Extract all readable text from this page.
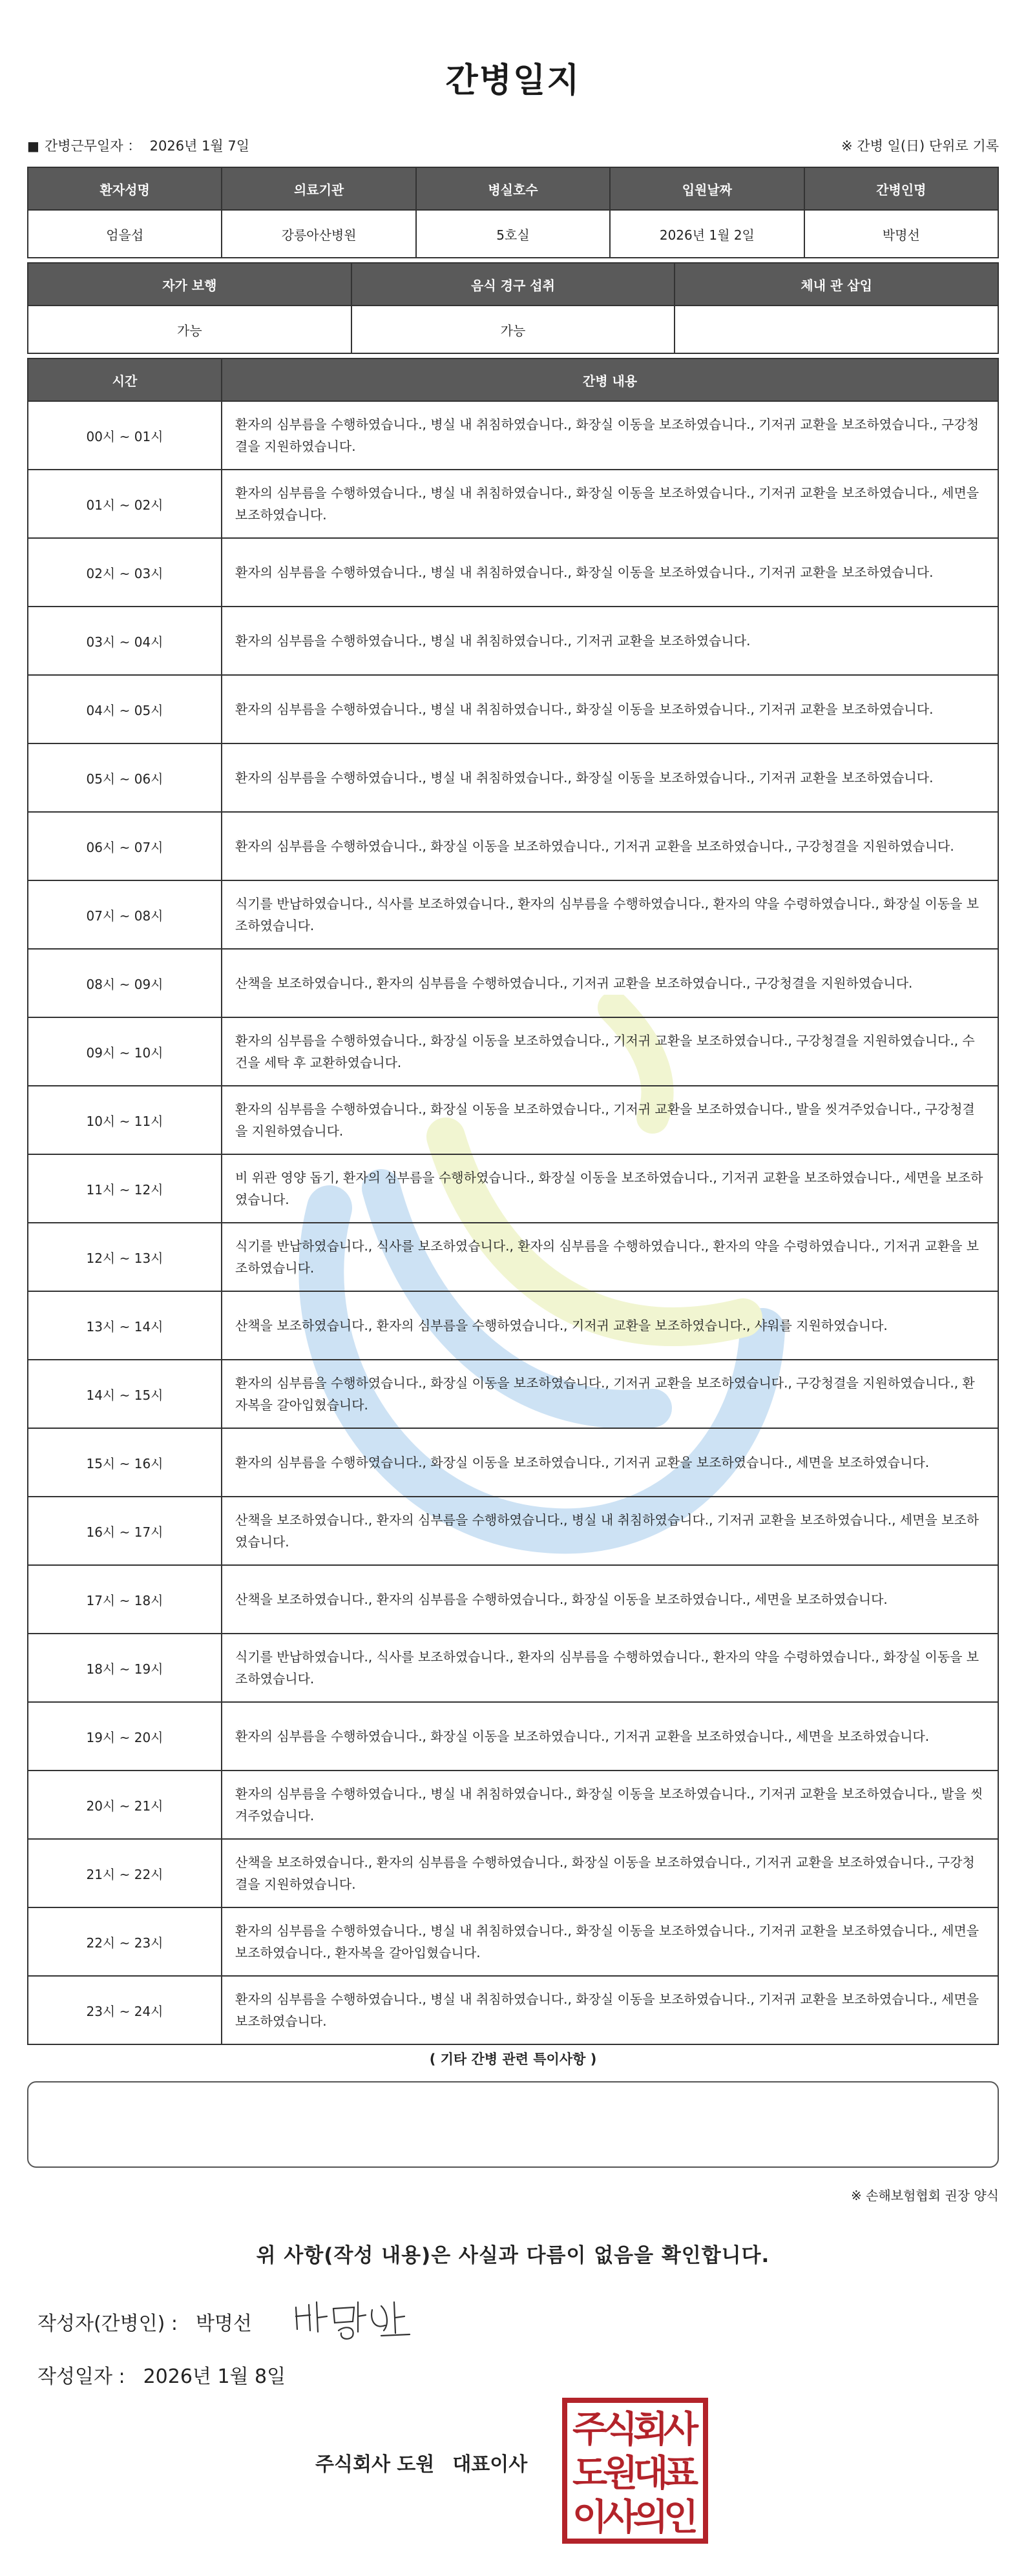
간병일지
■ 간병근무일자 ： 2026년 1월 7일	※ 간병 일(日) 단위로 기록
환자성명	의료기관	병실호수	입원날짜	간병인명
엄을섭	강릉아산병원	5호실	2026년 1월 2일	박명선
자가 보행	음식 경구 섭취	체내 관 삽입
가능	가능	
시간	간병 내용
00시 ~ 01시	환자의 심부름을 수행하였습니다., 병실 내 취침하였습니다., 화장실 이동을 보조하였습니다., 기저귀 교환을 보조하였습니다., 구강청결을 지원하였습니다.
01시 ~ 02시	환자의 심부름을 수행하였습니다., 병실 내 취침하였습니다., 화장실 이동을 보조하였습니다., 기저귀 교환을 보조하였습니다., 세면을 보조하였습니다.
02시 ~ 03시	환자의 심부름을 수행하였습니다., 병실 내 취침하였습니다., 화장실 이동을 보조하였습니다., 기저귀 교환을 보조하였습니다.
03시 ~ 04시	환자의 심부름을 수행하였습니다., 병실 내 취침하였습니다., 기저귀 교환을 보조하였습니다.
04시 ~ 05시	환자의 심부름을 수행하였습니다., 병실 내 취침하였습니다., 화장실 이동을 보조하였습니다., 기저귀 교환을 보조하였습니다.
05시 ~ 06시	환자의 심부름을 수행하였습니다., 병실 내 취침하였습니다., 화장실 이동을 보조하였습니다., 기저귀 교환을 보조하였습니다.
06시 ~ 07시	환자의 심부름을 수행하였습니다., 화장실 이동을 보조하였습니다., 기저귀 교환을 보조하였습니다., 구강청결을 지원하였습니다.
07시 ~ 08시	식기를 반납하였습니다., 식사를 보조하였습니다., 환자의 심부름을 수행하였습니다., 환자의 약을 수령하였습니다., 화장실 이동을 보조하였습니다.
08시 ~ 09시	산책을 보조하였습니다., 환자의 심부름을 수행하였습니다., 기저귀 교환을 보조하였습니다., 구강청결을 지원하였습니다.
09시 ~ 10시	환자의 심부름을 수행하였습니다., 화장실 이동을 보조하였습니다., 기저귀 교환을 보조하였습니다., 구강청결을 지원하였습니다., 수건을 세탁 후 교환하였습니다.
10시 ~ 11시	환자의 심부름을 수행하였습니다., 화장실 이동을 보조하였습니다., 기저귀 교환을 보조하였습니다., 발을 씻겨주었습니다., 구강청결을 지원하였습니다.
11시 ~ 12시	비 위관 영양 돕기, 환자의 심부름을 수행하였습니다., 화장실 이동을 보조하였습니다., 기저귀 교환을 보조하였습니다., 세면을 보조하였습니다.
12시 ~ 13시	식기를 반납하였습니다., 식사를 보조하였습니다., 환자의 심부름을 수행하였습니다., 환자의 약을 수령하였습니다., 기저귀 교환을 보조하였습니다.
13시 ~ 14시	산책을 보조하였습니다., 환자의 심부름을 수행하였습니다., 기저귀 교환을 보조하였습니다., 샤워를 지원하였습니다.
14시 ~ 15시	환자의 심부름을 수행하였습니다., 화장실 이동을 보조하였습니다., 기저귀 교환을 보조하였습니다., 구강청결을 지원하였습니다., 환자복을 갈아입혔습니다.
15시 ~ 16시	환자의 심부름을 수행하였습니다., 화장실 이동을 보조하였습니다., 기저귀 교환을 보조하였습니다., 세면을 보조하였습니다.
16시 ~ 17시	산책을 보조하였습니다., 환자의 심부름을 수행하였습니다., 병실 내 취침하였습니다., 기저귀 교환을 보조하였습니다., 세면을 보조하였습니다.
17시 ~ 18시	산책을 보조하였습니다., 환자의 심부름을 수행하였습니다., 화장실 이동을 보조하였습니다., 세면을 보조하였습니다.
18시 ~ 19시	식기를 반납하였습니다., 식사를 보조하였습니다., 환자의 심부름을 수행하였습니다., 환자의 약을 수령하였습니다., 화장실 이동을 보조하였습니다.
19시 ~ 20시	환자의 심부름을 수행하였습니다., 화장실 이동을 보조하였습니다., 기저귀 교환을 보조하였습니다., 세면을 보조하였습니다.
20시 ~ 21시	환자의 심부름을 수행하였습니다., 병실 내 취침하였습니다., 화장실 이동을 보조하였습니다., 기저귀 교환을 보조하였습니다., 발을 씻겨주었습니다.
21시 ~ 22시	산책을 보조하였습니다., 환자의 심부름을 수행하였습니다., 화장실 이동을 보조하였습니다., 기저귀 교환을 보조하였습니다., 구강청결을 지원하였습니다.
22시 ~ 23시	환자의 심부름을 수행하였습니다., 병실 내 취침하였습니다., 화장실 이동을 보조하였습니다., 기저귀 교환을 보조하였습니다., 세면을 보조하였습니다., 환자복을 갈아입혔습니다.
23시 ~ 24시	환자의 심부름을 수행하였습니다., 병실 내 취침하였습니다., 화장실 이동을 보조하였습니다., 기저귀 교환을 보조하였습니다., 세면을 보조하였습니다.
( 기타 간병 관련 특이사항 )
※ 손해보험협회 권장 양식
위 사항(작성 내용)은 사실과 다름이 없음을 확인합니다.
작성자(간병인) : 박명선
작성일자 : 2026년 1월 8일
주식회사 도원 대표이사
주
식
회
사
도
원
대
표
이
사
의
인
